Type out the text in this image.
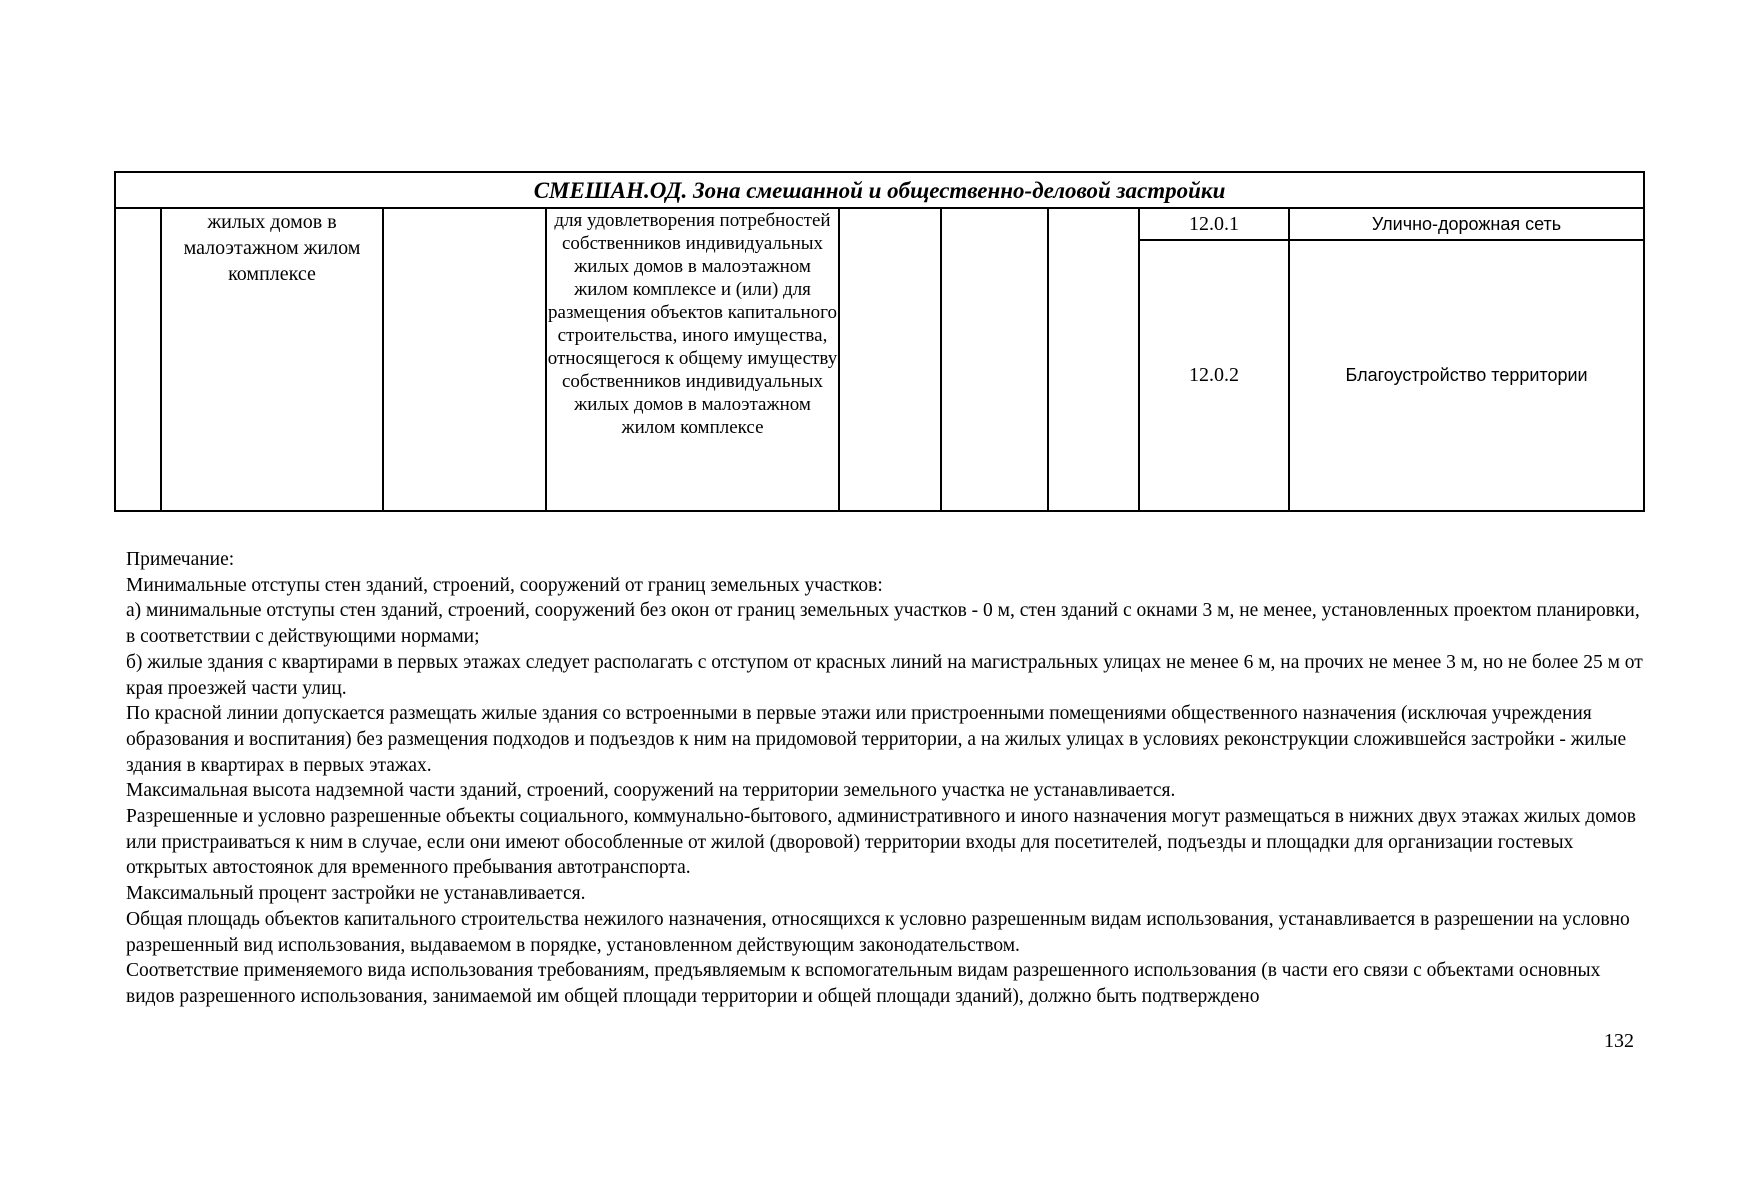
СМЕШАН.ОД. Зона смешанной и общественно-деловой застройки								
	жилых домов в малоэтажном жилом комплексе		для удовлетворения потребностей собственников индивидуальных жилых домов в малоэтажном жилом комплексе и (или) для размещения объектов капитального строительства, иного имущества, относящегося к общему имуществу собственников индивидуальных жилых домов в малоэтажном жилом комплексе				12.0.1	Улично-дорожная сеть
							12.0.2	Благоустройство территории

Примечание:

Минимальные отступы стен зданий, строений, сооружений от границ земельных участков:

а) минимальные отступы стен зданий, строений, сооружений без окон от границ земельных участков - 0 м, стен зданий с окнами 3 м, не менее, установленных проектом планировки, в соответствии с действующими нормами;

б) жилые здания с квартирами в первых этажах следует располагать с отступом от красных линий на магистральных улицах не менее 6 м, на прочих не менее 3 м, но не более 25 м от края проезжей части улиц.

По красной линии допускается размещать жилые здания со встроенными в первые этажи или пристроенными помещениями общественного назначения (исключая учреждения образования и воспитания) без размещения подходов и подъездов к ним на придомовой территории, а на жилых улицах в условиях реконструкции сложившейся застройки - жилые здания в квартирах в первых этажах.

Максимальная высота надземной части зданий, строений, сооружений на территории земельного участка не устанавливается.

Разрешенные и условно разрешенные объекты социального, коммунально-бытового, административного и иного назначения могут размещаться в нижних двух этажах жилых домов или пристраиваться к ним в случае, если они имеют обособленные от жилой (дворовой) территории входы для посетителей, подъезды и площадки для организации гостевых открытых автостоянок для временного пребывания автотранспорта.

Максимальный процент застройки не устанавливается.

Общая площадь объектов капитального строительства нежилого назначения, относящихся к условно разрешенным видам использования, устанавливается в разрешении на условно разрешенный вид использования, выдаваемом в порядке, установленном действующим законодательством.

Соответствие применяемого вида использования требованиям, предъявляемым к вспомогательным видам разрешенного использования (в части его связи с объектами основных видов разрешенного использования, занимаемой им общей площади территории и общей площади зданий), должно быть подтверждено

132
